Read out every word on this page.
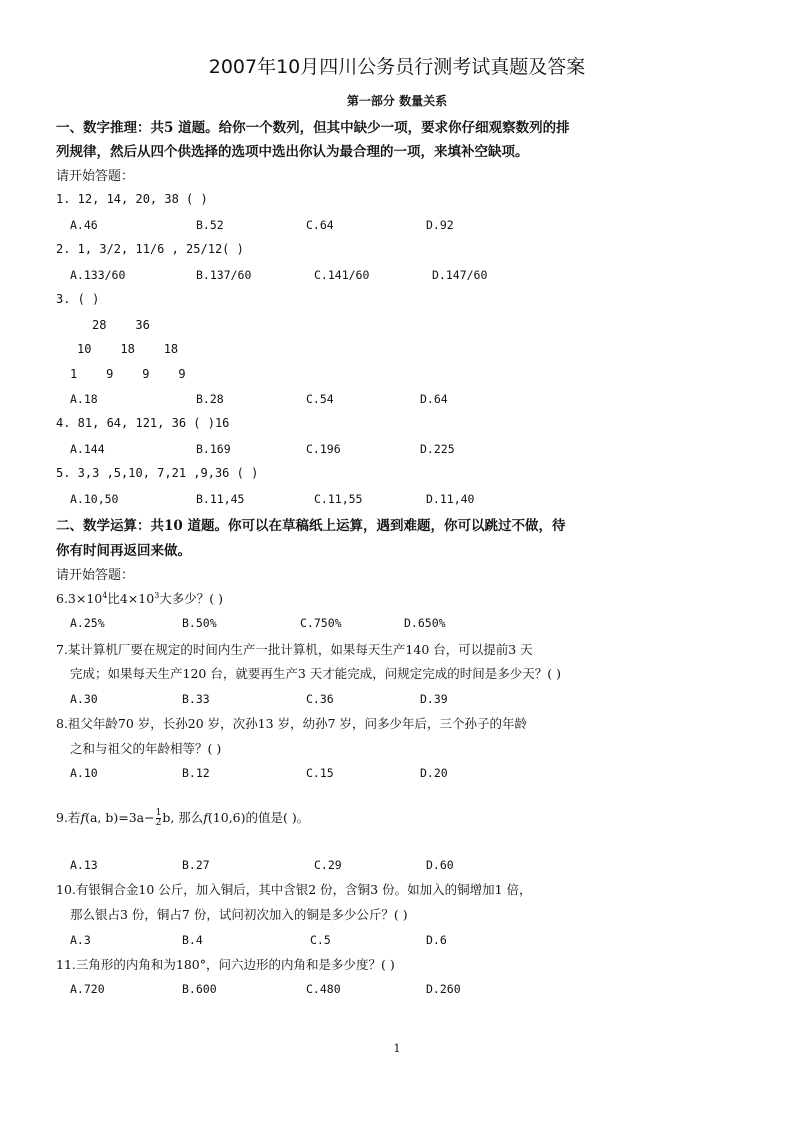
2007年10月四川公务员行测考试真题及答案
第一部分 数量关系
一、数字推理：共5 道题。给你一个数列，但其中缺少一项，要求你仔细观察数列的排
列规律，然后从四个供选择的选项中选出你认为最合理的一项，来填补空缺项。
请开始答题：
1. 12, 14, 20, 38 ( )
A.46	B.52	C.64	D.92
2. 1, 3/2, 11/6 , 25/12( )
A.133/60	B.137/60	C.141/60	D.147/60
3. ( )
28    36
10    18    18
1    9    9    9
A.18	B.28	C.54	D.64
4. 81, 64, 121, 36 ( )16
A.144	B.169	C.196	D.225
5. 3,3 ,5,10, 7,21 ,9,36 ( )
A.10,50	B.11,45	C.11,55	D.11,40
二、数学运算：共10 道题。你可以在草稿纸上运算，遇到难题，你可以跳过不做，待
你有时间再返回来做。
请开始答题：
$6.3\times 10^4$比$4\times 10^3$大多少？( )
A.25%	B.50%	C.750%	D.650%
7.某计算机厂要在规定的时间内生产一批计算机，如果每天生产140 台，可以提前3 天
完成；如果每天生产120 台，就要再生产3 天才能完成，问规定完成的时间是多少天？( )
A.30	B.33	C.36	D.39
8.祖父年龄70 岁，长孙20 岁，次孙13 岁，幼孙7 岁，问多少年后，三个孙子的年龄
之和与祖父的年龄相等？( )
A.10	B.12	C.15	D.20
9.若f(a, $b)=3a- \frac{1}{2} b$, 那么f(10,6)的值是( )。
A.13	B.27	C.29	D.60
10.有银铜合金10 公斤，加入铜后，其中含银2 份，含铜3 份。如加入的铜增加1 倍，
那么银占3 份，铜占7 份，试问初次加入的铜是多少公斤？( )
A.3	B.4	C.5	D.6
11.三角形的内角和为180°，问六边形的内角和是多少度？( )
A.720	B.600	C.480	D.260
1
